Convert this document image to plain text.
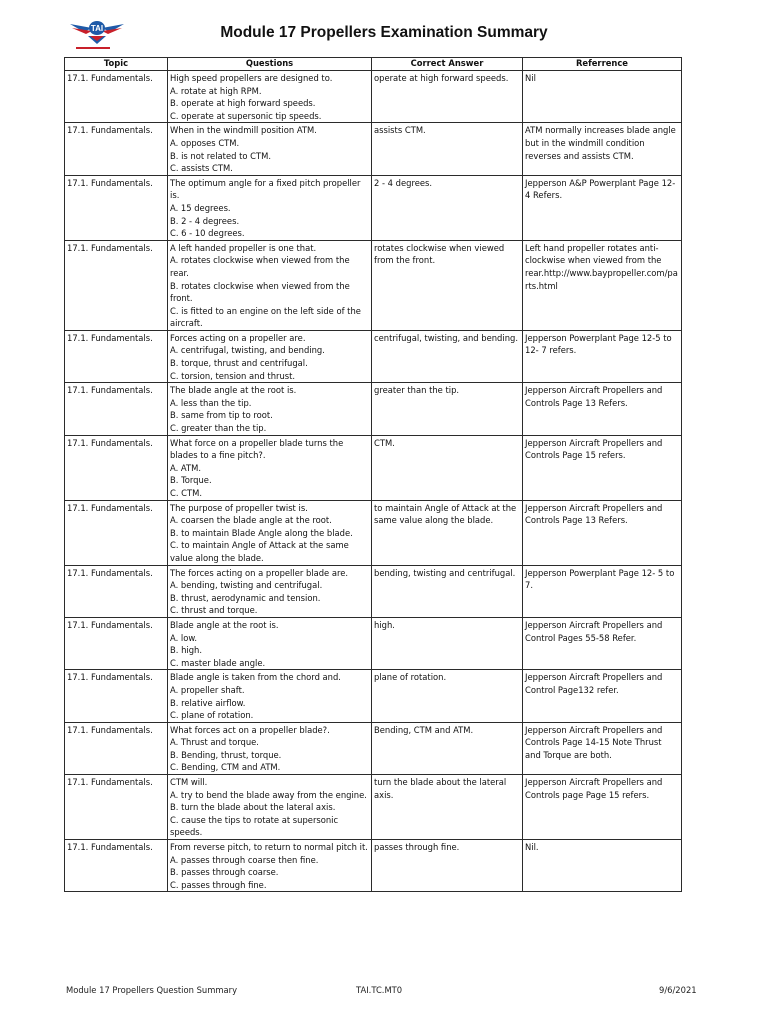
TAI	Module 17 Propellers Examination Summary
Topic	Questions	Correct Answer	Referrence
17.1. Fundamentals.	High speed propellers are designed to.
A. rotate at high RPM.
B. operate at high forward speeds.
C. operate at supersonic tip speeds.	operate at high forward speeds.	Nil
17.1. Fundamentals.	When in the windmill position ATM.
A. opposes CTM.
B. is not related to CTM.
C. assists CTM.	assists CTM.	ATM normally increases blade angle but in the windmill condition reverses and assists CTM.
17.1. Fundamentals.	The optimum angle for a fixed pitch propeller is.
A. 15 degrees.
B. 2 - 4 degrees.
C. 6 - 10 degrees.	2 - 4 degrees.	Jepperson A&P Powerplant Page 12-4 Refers.
17.1. Fundamentals.	A left handed propeller is one that.
A. rotates clockwise when viewed from the rear.
B. rotates clockwise when viewed from the front.
C. is fitted to an engine on the left side of the aircraft.	rotates clockwise when viewed from the front.	Left hand propeller rotates anti-clockwise when viewed from the rear.http://www.baypropeller.com/parts.html
17.1. Fundamentals.	Forces acting on a propeller are.
A. centrifugal, twisting, and bending.
B. torque, thrust and centrifugal.
C. torsion, tension and thrust.	centrifugal, twisting, and bending.	Jepperson Powerplant Page 12-5 to 12- 7 refers.
17.1. Fundamentals.	The blade angle at the root is.
A. less than the tip.
B. same from tip to root.
C. greater than the tip.	greater than the tip.	Jepperson Aircraft Propellers and Controls Page 13 Refers.
17.1. Fundamentals.	What force on a propeller blade turns the blades to a fine pitch?.
A. ATM.
B. Torque.
C. CTM.	CTM.	Jepperson Aircraft Propellers and Controls Page 15 refers.
17.1. Fundamentals.	The purpose of propeller twist is.
A. coarsen the blade angle at the root.
B. to maintain Blade Angle along the blade.
C. to maintain Angle of Attack at the same value along the blade.	to maintain Angle of Attack at the same value along the blade.	Jepperson Aircraft Propellers and Controls Page 13 Refers.
17.1. Fundamentals.	The forces acting on a propeller blade are.
A. bending, twisting and centrifugal.
B. thrust, aerodynamic and tension.
C. thrust and torque.	bending, twisting and centrifugal.	Jepperson Powerplant Page 12- 5 to 7.
17.1. Fundamentals.	Blade angle at the root is.
A. low.
B. high.
C. master blade angle.	high.	Jepperson Aircraft Propellers and Control Pages 55-58 Refer.
17.1. Fundamentals.	Blade angle is taken from the chord and.
A. propeller shaft.
B. relative airflow.
C. plane of rotation.	plane of rotation.	Jepperson Aircraft Propellers and Control Page132 refer.
17.1. Fundamentals.	What forces act on a propeller blade?.
A. Thrust and torque.
B. Bending, thrust, torque.
C. Bending, CTM and ATM.	Bending, CTM and ATM.	Jepperson Aircraft Propellers and Controls Page 14-15 Note Thrust and Torque are both.
17.1. Fundamentals.	CTM will.
A. try to bend the blade away from the engine.
B. turn the blade about the lateral axis.
C. cause the tips to rotate at supersonic speeds.	turn the blade about the lateral axis.	Jepperson Aircraft Propellers and Controls page Page 15 refers.
17.1. Fundamentals.	From reverse pitch, to return to normal pitch it.
A. passes through coarse then fine.
B. passes through coarse.
C. passes through fine.	passes through fine.	Nil.
Module 17 Propellers Question Summary	TAI.TC.MT0	9/6/2021
